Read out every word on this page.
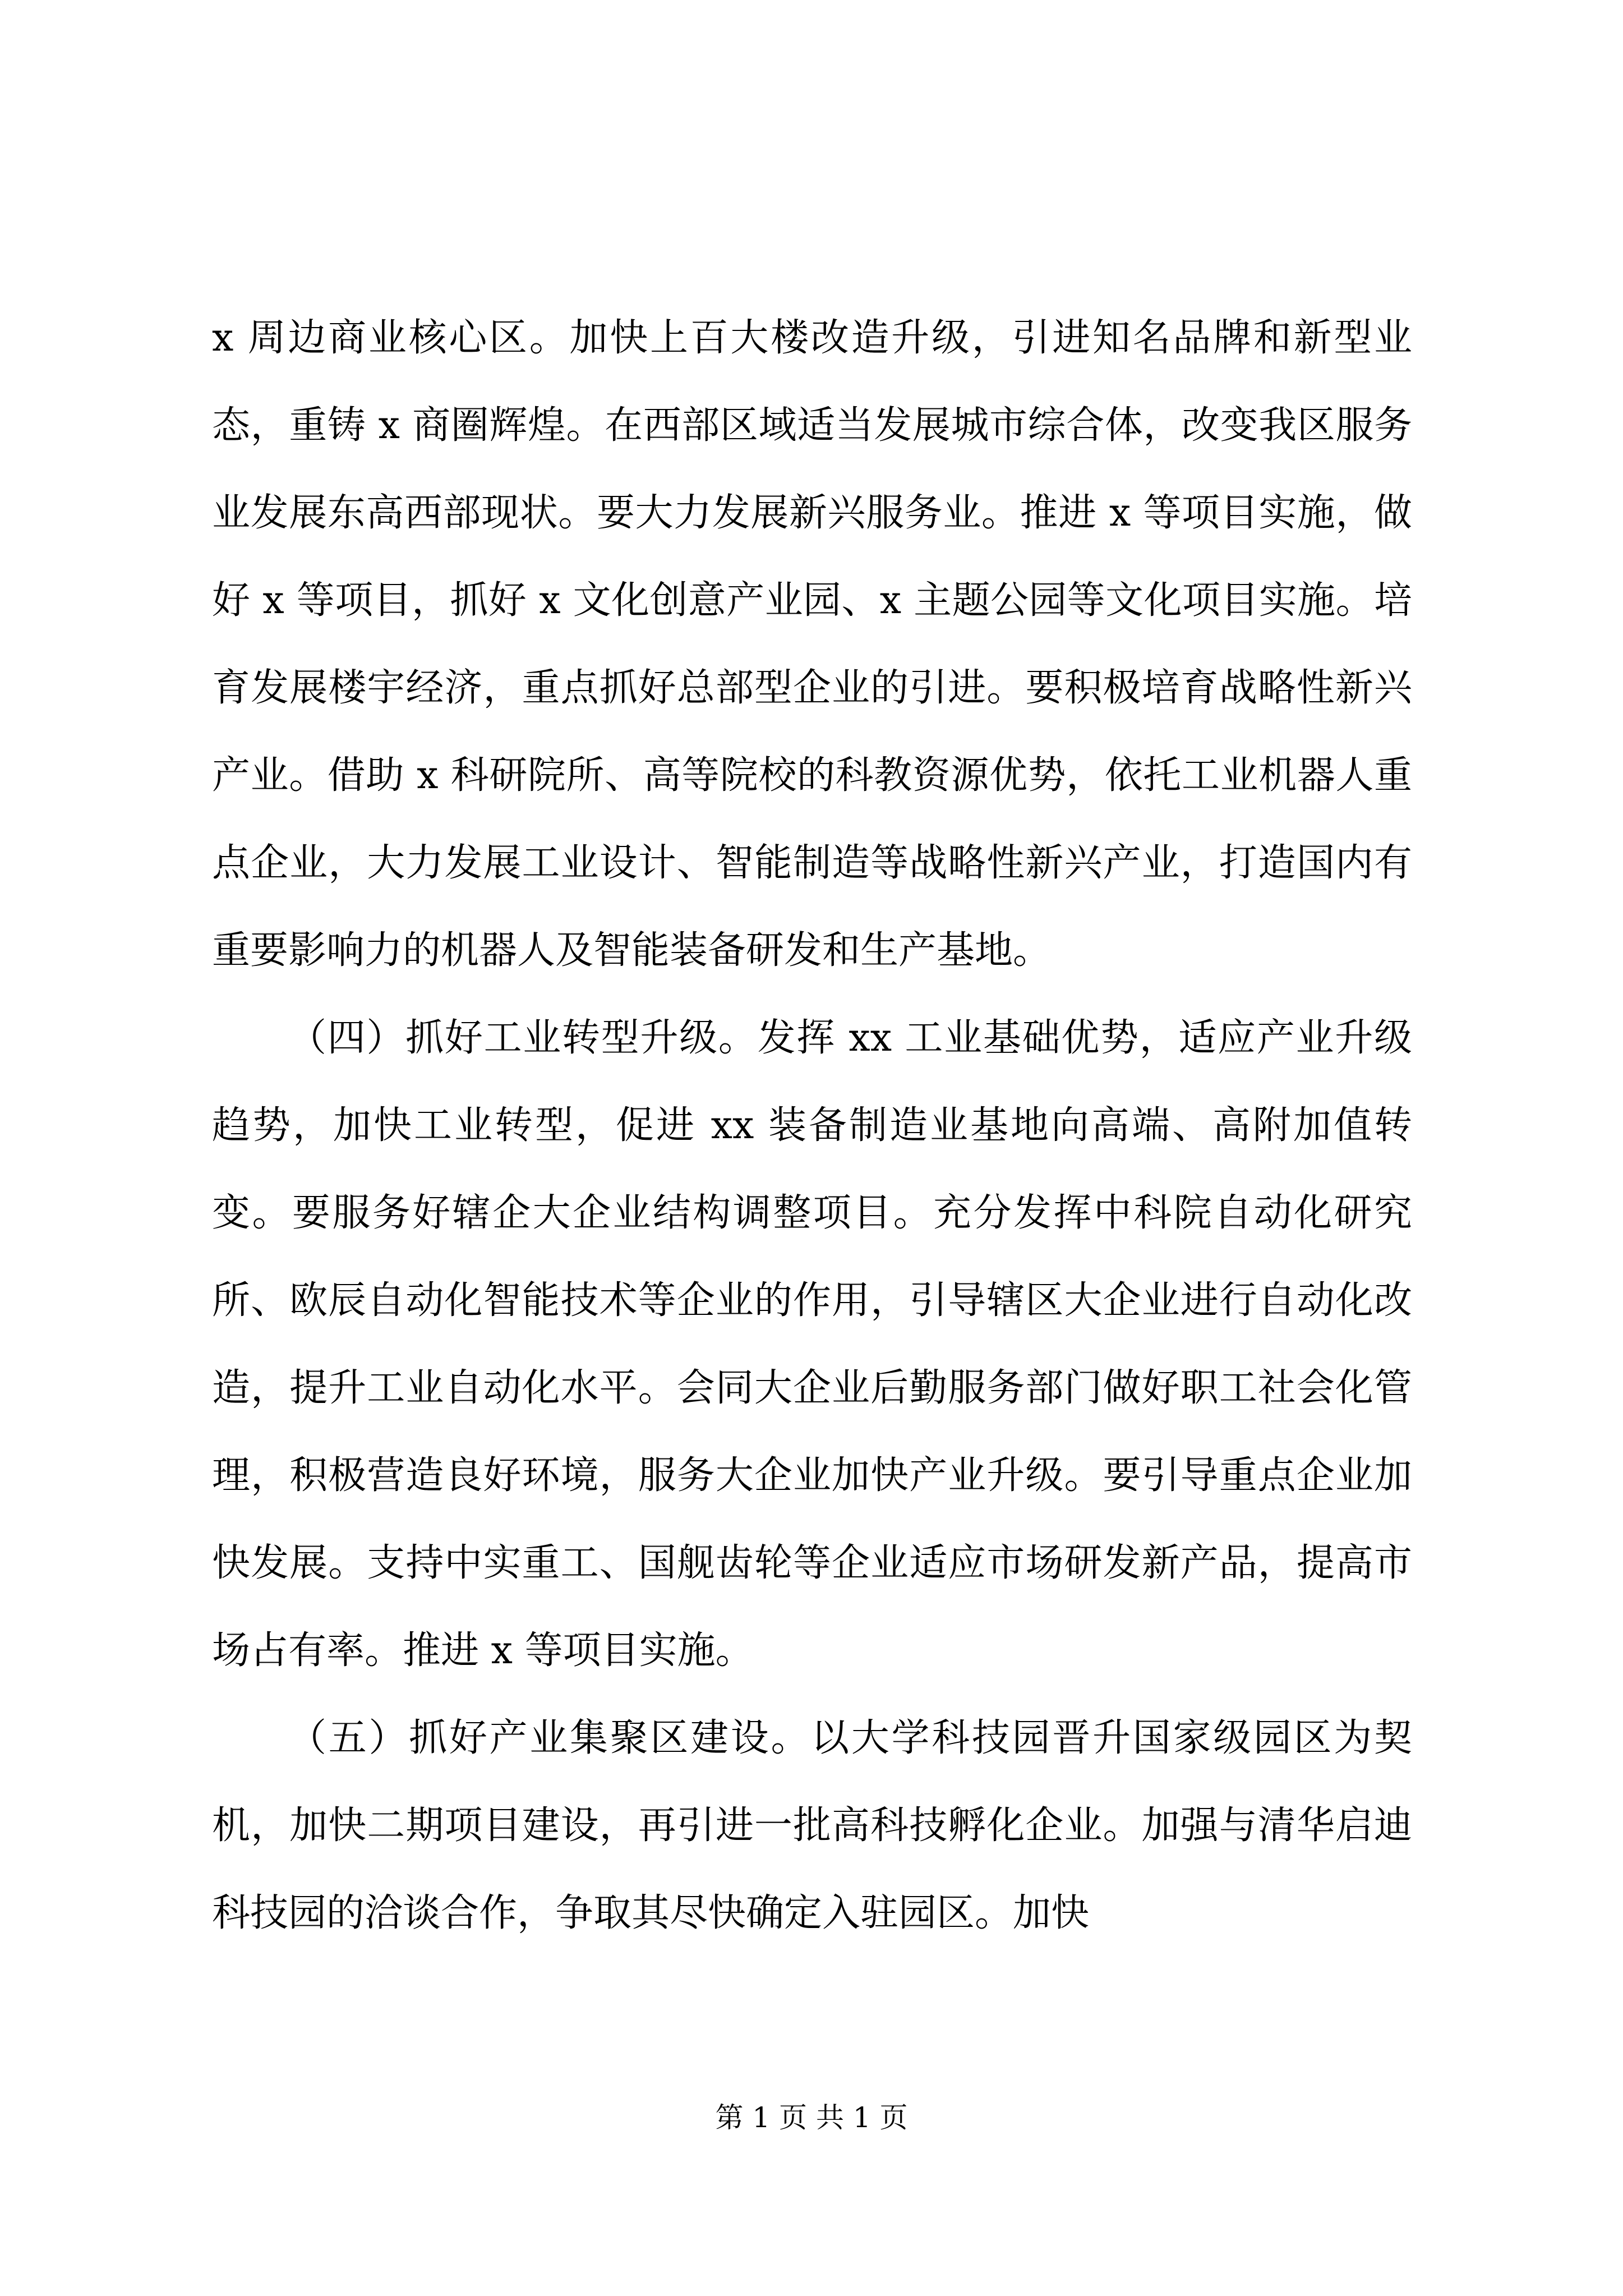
x 周边商业核心区。加快上百大楼改造升级，引进知名品牌和新型业态，重铸 x 商圈辉煌。在西部区域适当发展城市综合体，改变我区服务业发展东高西部现状。要大力发展新兴服务业。推进 x 等项目实施，做好 x 等项目，抓好 x 文化创意产业园、x 主题公园等文化项目实施。培育发展楼宇经济，重点抓好总部型企业的引进。要积极培育战略性新兴产业。借助 x 科研院所、高等院校的科教资源优势，依托工业机器人重点企业，大力发展工业设计、智能制造等战略性新兴产业，打造国内有重要影响力的机器人及智能装备研发和生产基地。

（四）抓好工业转型升级。发挥 xx 工业基础优势，适应产业升级趋势，加快工业转型，促进 xx 装备制造业基地向高端、高附加值转变。要服务好辖企大企业结构调整项目。充分发挥中科院自动化研究所、欧辰自动化智能技术等企业的作用，引导辖区大企业进行自动化改造，提升工业自动化水平。会同大企业后勤服务部门做好职工社会化管理，积极营造良好环境，服务大企业加快产业升级。要引导重点企业加快发展。支持中实重工、国舰齿轮等企业适应市场研发新产品，提高市场占有率。推进 x 等项目实施。

（五）抓好产业集聚区建设。以大学科技园晋升国家级园区为契机，加快二期项目建设，再引进一批高科技孵化企业。加强与清华启迪科技园的洽谈合作，争取其尽快确定入驻园区。加快

第 1 页 共 1 页
